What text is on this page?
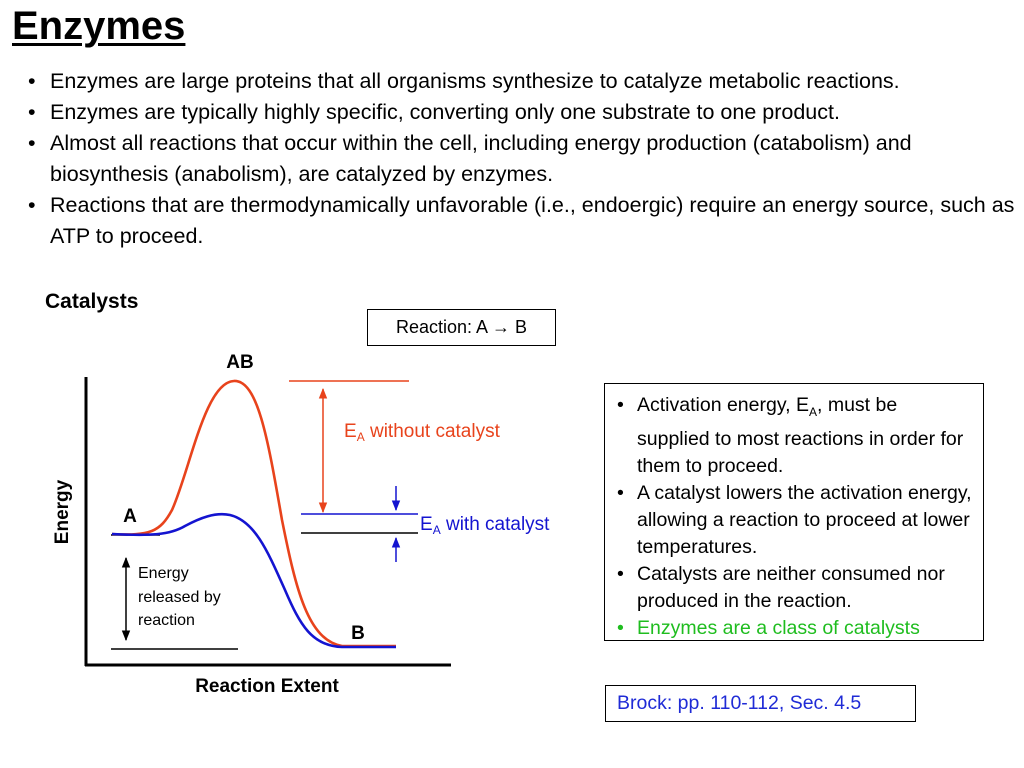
Enzymes
• Enzymes are large proteins that all organisms synthesize to catalyze metabolic reactions.
• Enzymes are typically highly specific, converting only one substrate to one product.
• Almost all reactions that occur within the cell, including energy production (catabolism) and biosynthesis (anabolism), are catalyzed by enzymes.
• Reactions that are thermodynamically unfavorable (i.e., endoergic) require an energy source, such as ATP to proceed.
Catalysts
Reaction: A → B
Energy
Reaction Extent
AB
A
B
$E_A$ without catalyst
$E_A$ with catalyst
Energy released by reaction
• Activation energy, $E_A$, must be supplied to most reactions in order for them to proceed.
• A catalyst lowers the activation energy, allowing a reaction to proceed at lower temperatures.
• Catalysts are neither consumed nor produced in the reaction.
• Enzymes are a class of catalysts
Brock: pp. 110-112, Sec. 4.5
